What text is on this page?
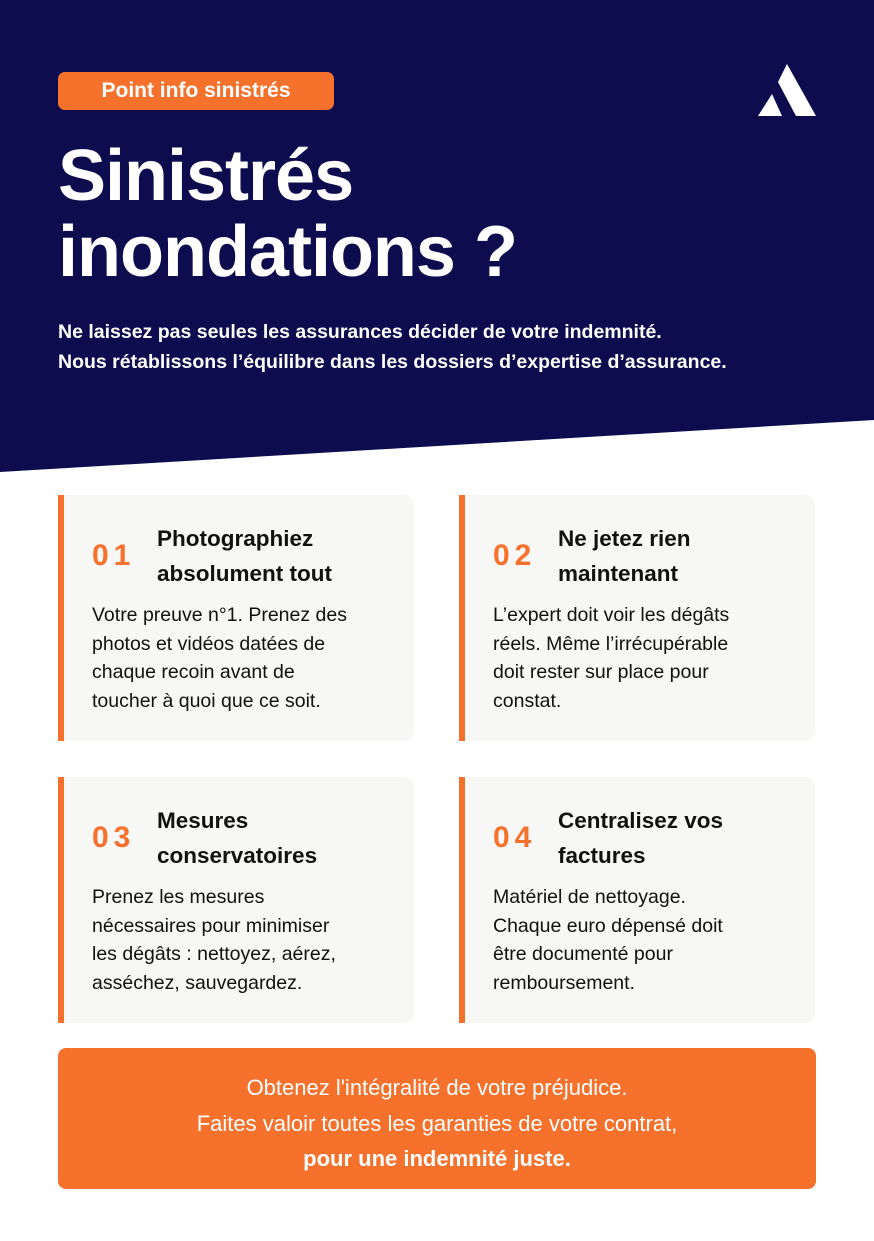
Point info sinistrés
Sinistrés
inondations ?
Ne laissez pas seules les assurances décider de votre indemnité.
Nous rétablissons l’équilibre dans les dossiers d’expertise d’assurance.
01
Photographiez
absolument tout
Votre preuve n°1. Prenez des
photos et vidéos datées de
chaque recoin avant de
toucher à quoi que ce soit.
02
Ne jetez rien
maintenant
L’expert doit voir les dégâts
réels. Même l’irrécupérable
doit rester sur place pour
constat.
03
Mesures
conservatoires
Prenez les mesures
nécessaires pour minimiser
les dégâts : nettoyez, aérez,
asséchez, sauvegardez.
04
Centralisez vos
factures
Matériel de nettoyage.
Chaque euro dépensé doit
être documenté pour
remboursement.
Obtenez l'intégralité de votre préjudice.
Faites valoir toutes les garanties de votre contrat,
pour une indemnité juste.
